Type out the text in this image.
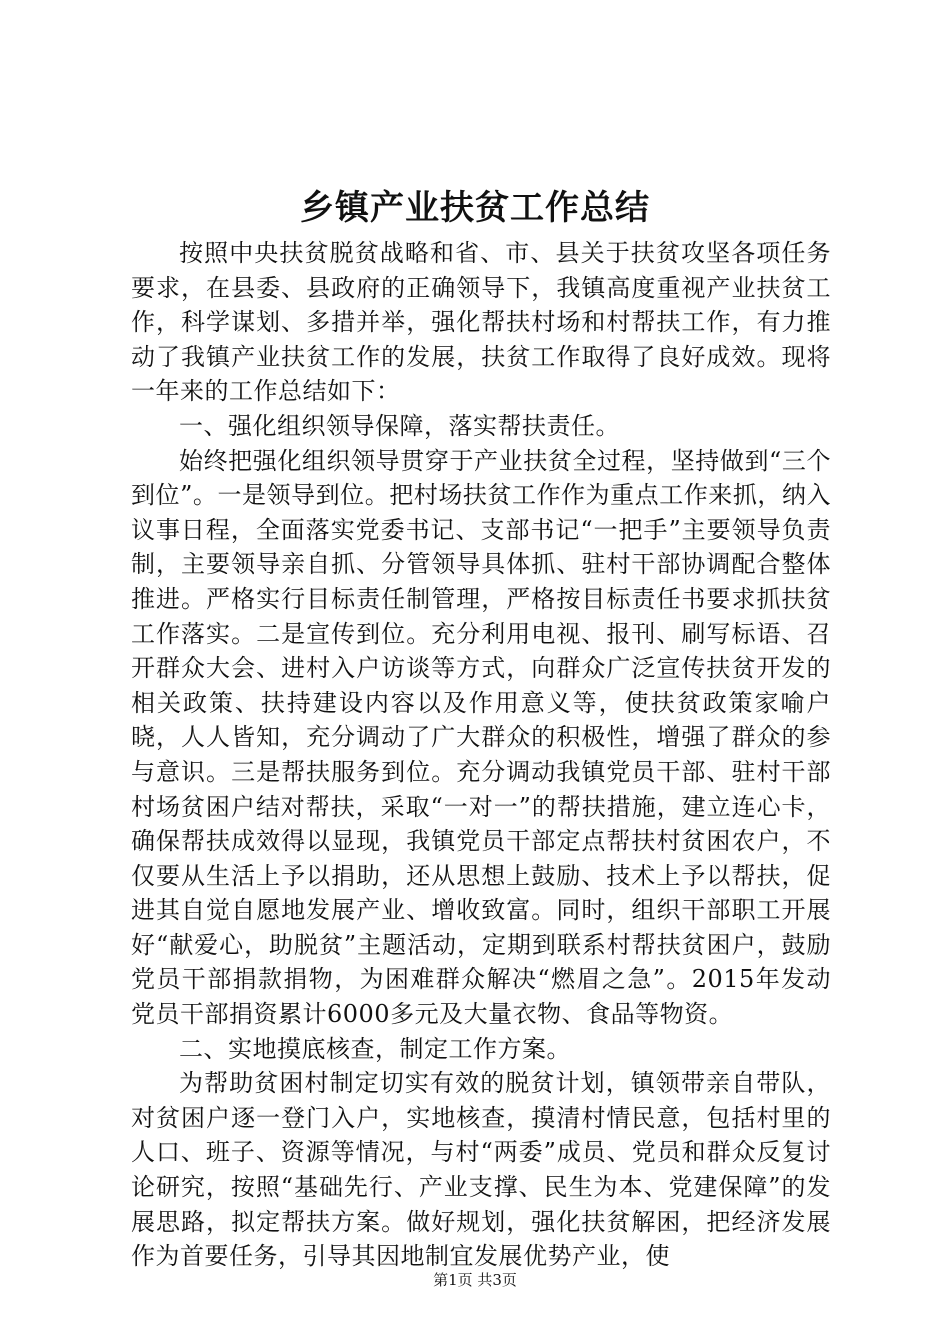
乡镇产业扶贫工作总结

按照中央扶贫脱贫战略和省、市、县关于扶贫攻坚各项任务要求，在县委、县政府的正确领导下，我镇高度重视产业扶贫工作，科学谋划、多措并举，强化帮扶村场和村帮扶工作，有力推动了我镇产业扶贫工作的发展，扶贫工作取得了良好成效。现将一年来的工作总结如下：

一、强化组织领导保障，落实帮扶责任。

始终把强化组织领导贯穿于产业扶贫全过程，坚持做到“三个到位”。一是领导到位。把村场扶贫工作作为重点工作来抓，纳入议事日程，全面落实党委书记、支部书记“一把手”主要领导负责制，主要领导亲自抓、分管领导具体抓、驻村干部协调配合整体推进。严格实行目标责任制管理，严格按目标责任书要求抓扶贫工作落实。二是宣传到位。充分利用电视、报刊、刷写标语、召开群众大会、进村入户访谈等方式，向群众广泛宣传扶贫开发的相关政策、扶持建设内容以及作用意义等，使扶贫政策家喻户晓，人人皆知，充分调动了广大群众的积极性，增强了群众的参与意识。三是帮扶服务到位。充分调动我镇党员干部、驻村干部村场贫困户结对帮扶，采取“一对一”的帮扶措施，建立连心卡，确保帮扶成效得以显现，我镇党员干部定点帮扶村贫困农户，不仅要从生活上予以捐助，还从思想上鼓励、技术上予以帮扶，促进其自觉自愿地发展产业、增收致富。同时，组织干部职工开展好“献爱心，助脱贫”主题活动，定期到联系村帮扶贫困户，鼓励党员干部捐款捐物，为困难群众解决“燃眉之急”。2015年发动党员干部捐资累计6000多元及大量衣物、食品等物资。

二、实地摸底核查，制定工作方案。

为帮助贫困村制定切实有效的脱贫计划，镇领带亲自带队，对贫困户逐一登门入户，实地核查，摸清村情民意，包括村里的人口、班子、资源等情况，与村“两委”成员、党员和群众反复讨论研究，按照“基础先行、产业支撑、民生为本、党建保障”的发展思路，拟定帮扶方案。做好规划，强化扶贫解困，把经济发展作为首要任务，引导其因地制宜发展优势产业，使

第1页 共3页
